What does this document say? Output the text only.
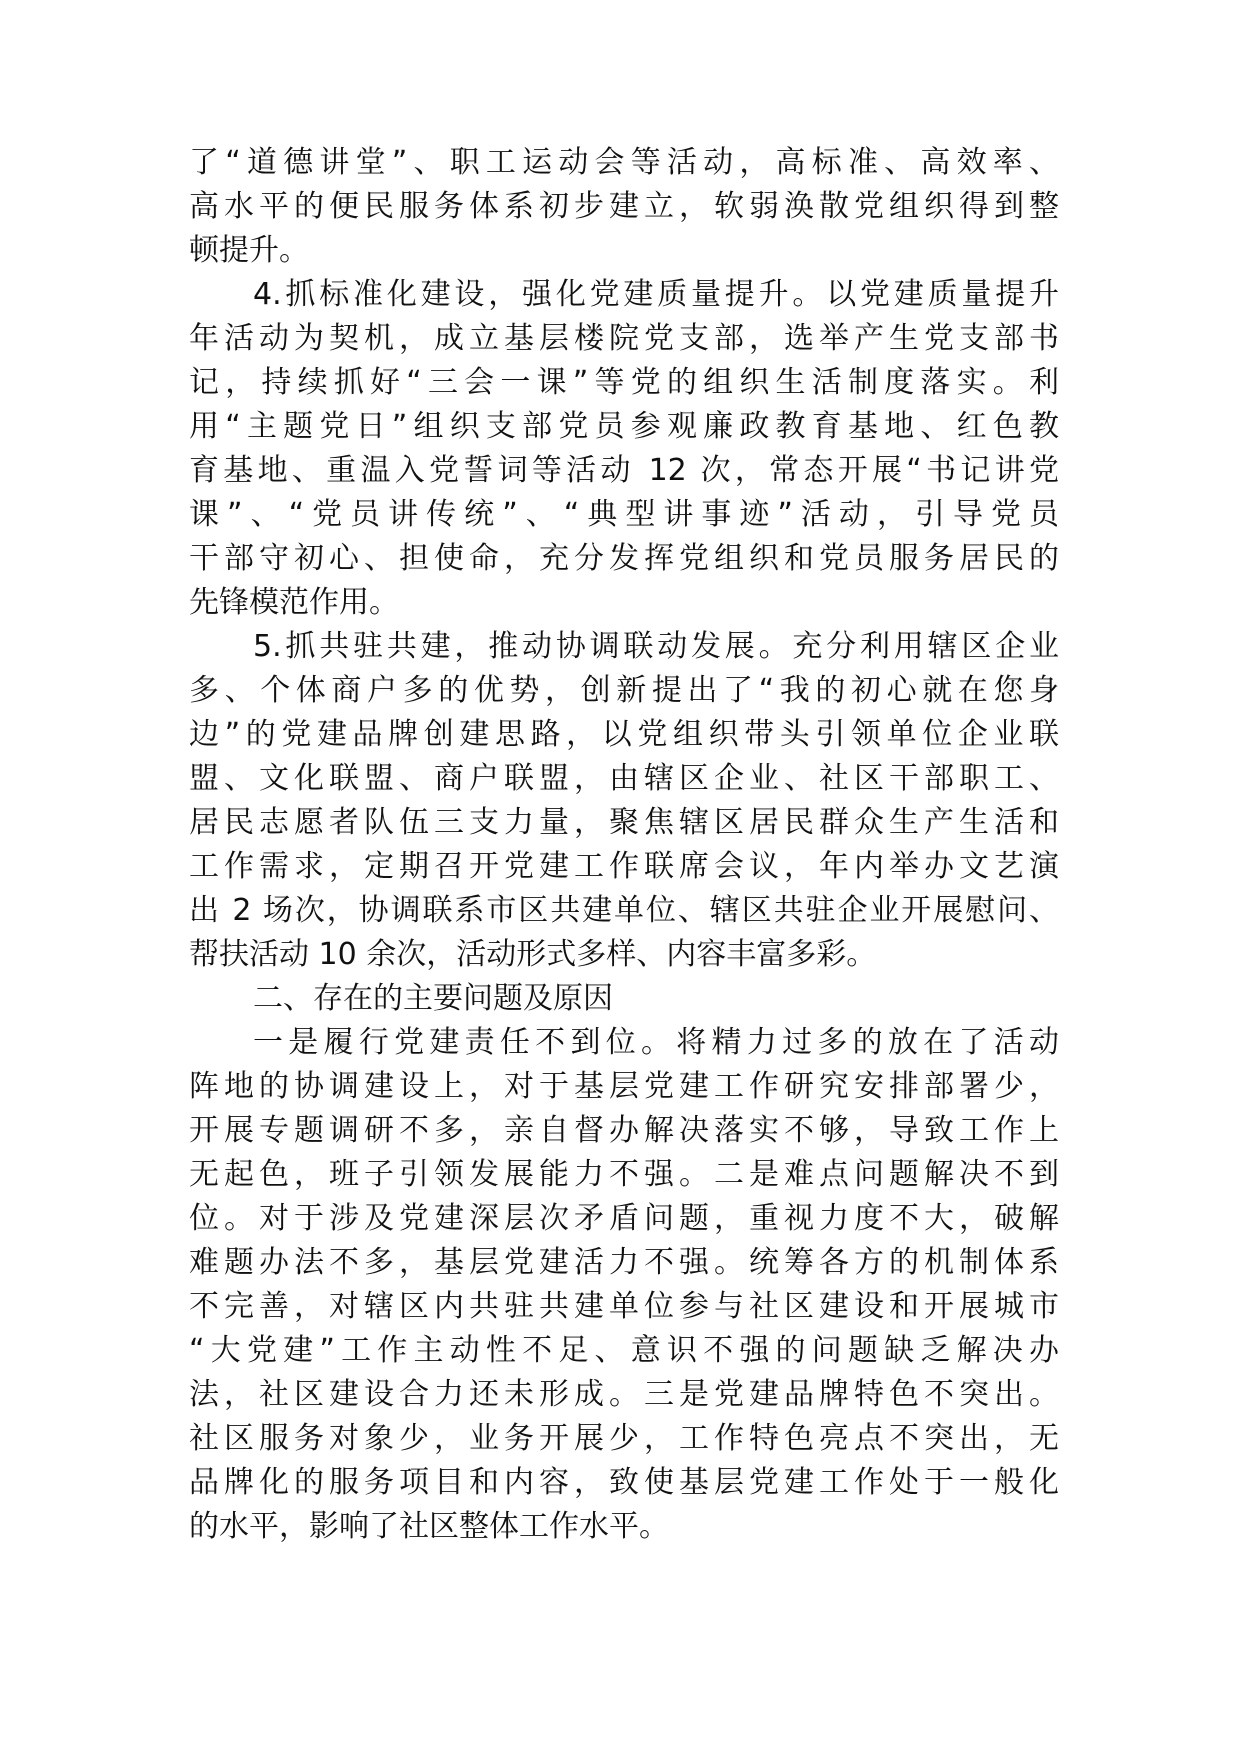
了“道德讲堂”、职工运动会等活动，高标准、高效率、
高水平的便民服务体系初步建立，软弱涣散党组织得到整
顿提升。
4.抓标准化建设，强化党建质量提升。以党建质量提升
年活动为契机，成立基层楼院党支部，选举产生党支部书
记，持续抓好“三会一课”等党的组织生活制度落实。利
用“主题党日”组织支部党员参观廉政教育基地、红色教
育基地、重温入党誓词等活动 12 次，常态开展“书记讲党
课”、“党员讲传统”、“典型讲事迹”活动，引导党员
干部守初心、担使命，充分发挥党组织和党员服务居民的
先锋模范作用。
5.抓共驻共建，推动协调联动发展。充分利用辖区企业
多、个体商户多的优势，创新提出了“我的初心就在您身
边”的党建品牌创建思路，以党组织带头引领单位企业联
盟、文化联盟、商户联盟，由辖区企业、社区干部职工、
居民志愿者队伍三支力量，聚焦辖区居民群众生产生活和
工作需求，定期召开党建工作联席会议，年内举办文艺演
出 2 场次，协调联系市区共建单位、辖区共驻企业开展慰问、
帮扶活动 10 余次，活动形式多样、内容丰富多彩。
二、存在的主要问题及原因
一是履行党建责任不到位。将精力过多的放在了活动
阵地的协调建设上，对于基层党建工作研究安排部署少，
开展专题调研不多，亲自督办解决落实不够，导致工作上
无起色，班子引领发展能力不强。二是难点问题解决不到
位。对于涉及党建深层次矛盾问题，重视力度不大，破解
难题办法不多，基层党建活力不强。统筹各方的机制体系
不完善，对辖区内共驻共建单位参与社区建设和开展城市
“大党建”工作主动性不足、意识不强的问题缺乏解决办
法，社区建设合力还未形成。三是党建品牌特色不突出。
社区服务对象少，业务开展少，工作特色亮点不突出，无
品牌化的服务项目和内容，致使基层党建工作处于一般化
的水平，影响了社区整体工作水平。
